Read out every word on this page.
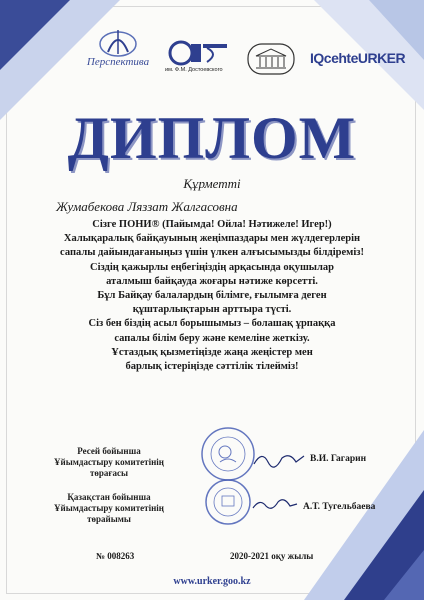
Перспектива
им. Ф.М. Достоевского
IQcehteURKER
ДИПЛОМ
Құрметті
Жумабекова Ляззат Жалгасовна
Сізге ПОНИ® (Пайымда! Ойла! Нәтижеле! Игер!)
Халықаралық байқауының жеңімпаздары мен жүлдегерлерін
сапалы дайындағаныңыз үшін үлкен алғысымызды білдіреміз!
Сіздің қажырлы еңбегіңіздің арқасында оқушылар
аталмыш байқауда жоғары нәтиже көрсетті.
Бұл Байқау балалардың білімге, ғылымға деген
құштарлықтарын арттыра түсті.
Сіз бен біздің асыл борышымыз – болашақ ұрпаққа
сапалы білім беру және кемеліне жеткізу.
Ұстаздық қызметіңізде жаңа жеңістер мен
барлық істеріңізде сәттілік тілейміз!
Ресей бойынша
Ұйымдастыру комитетінің
төрағасы
В.И. Гагарин
Қазақстан бойынша
Ұйымдастыру комитетінің
төрайымы
А.Т. Тугельбаева
№ 008263	2020-2021 оқу жылы
www.urker.goo.kz
